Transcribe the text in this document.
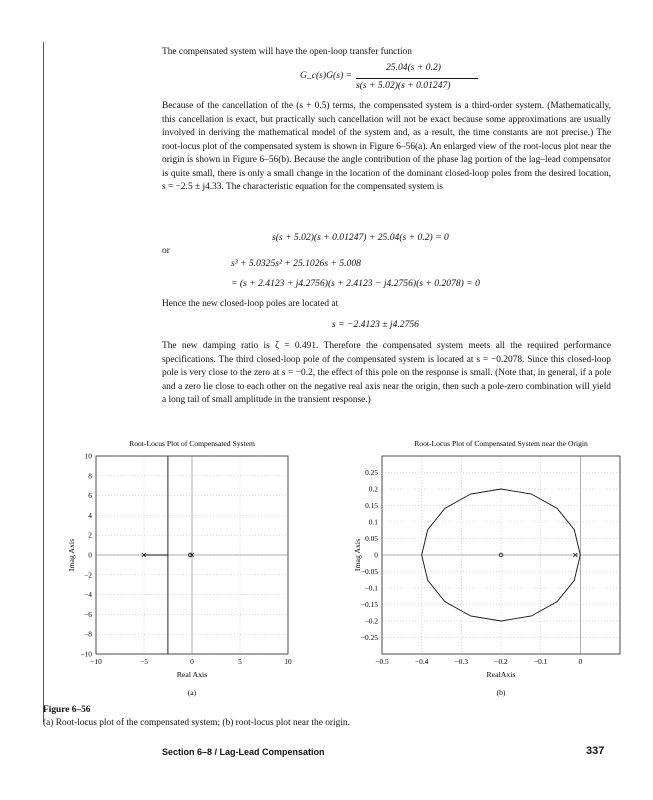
The compensated system will have the open-loop transfer function
G_c(s)G(s) =
25.04(s + 0.2)
s(s + 5.02)(s + 0.01247)
Because of the cancellation of the (s + 0.5) terms, the compensated system is a third-order system. (Mathematically, this cancellation is exact, but practically such cancellation will not be exact because some approximations are usually involved in deriving the mathematical model of the system and, as a result, the time constants are not precise.) The root-locus plot of the compensated system is shown in Figure 6–56(a). An enlarged view of the root-locus plot near the origin is shown in Figure 6–56(b). Because the angle contribution of the phase lag portion of the lag–lead compensator is quite small, there is only a small change in the location of the dominant closed-loop poles from the desired location, s = −2.5 ± j4.33. The characteristic equation for the compensated system is
s(s + 5.02)(s + 0.01247) + 25.04(s + 0.2) = 0
or
s³ + 5.0325s² + 25.1026s + 5.008
= (s + 2.4123 + j4.2756)(s + 2.4123 − j4.2756)(s + 0.2078) = 0
Hence the new closed-loop poles are located at
s = −2.4123 ± j4.2756
The new damping ratio is ζ = 0.491. Therefore the compensated system meets all the required performance specifications. The third closed-loop pole of the compensated system is located at s = −0.2078. Since this closed-loop pole is very close to the zero at s = −0.2, the effect of this pole on the response is small. (Note that, in general, if a pole and a zero lie close to each other on the negative real axis near the origin, then such a pole-zero combination will yield a long tail of small amplitude in the transient response.)
Root-Locus Plot of Compensated System
−10	−5	0	5	10
−10
−8
−6
−4
−2
0
2
4
6
8
10
Real Axis
Imag Axis
(a)
Root-Locus Plot of Compensated System near the Origin
−0.5	−0.4	−0.3	−0.2	−0.1	0
−0.25
−0.2
−0.15
−0.1
−0.05
0
0.05
0.1
0.15
0.2
0.25
RealAxis
Imag Axis
(b)
Figure 6–56
(a) Root-locus plot of the compensated system; (b) root-locus plot near the origin.
Section 6–8 / Lag-Lead Compensation	337
